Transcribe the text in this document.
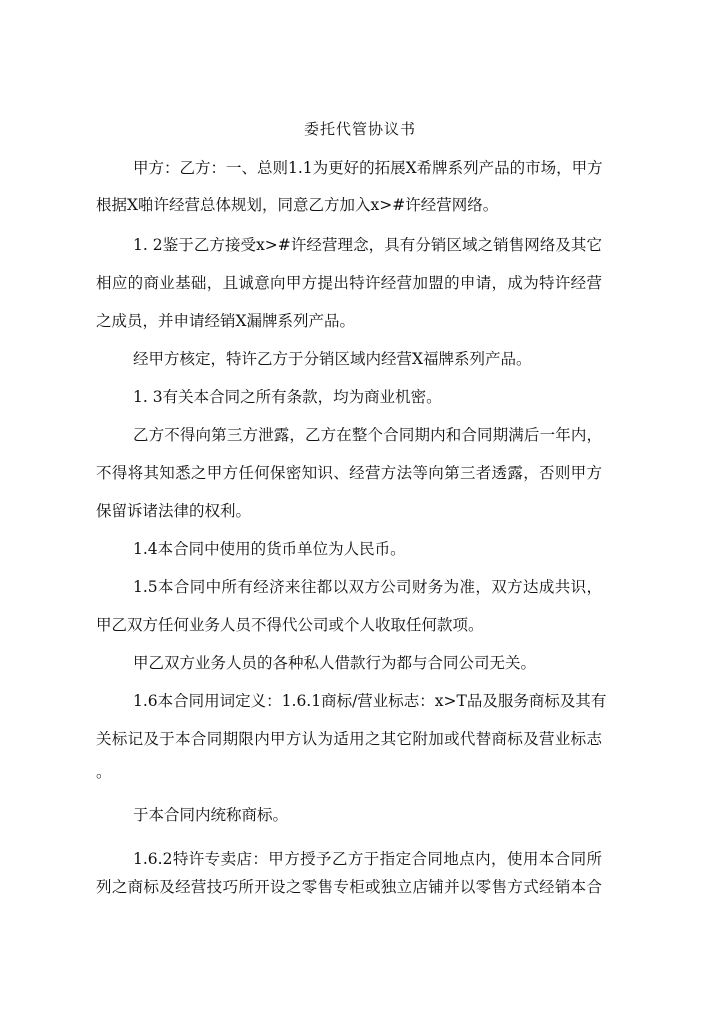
委托代管协议书
甲方：乙方：一、总则1.1为更好的拓展X希牌系列产品的市场，甲方
根据X啪许经营总体规划，同意乙方加入x>#许经营网络。
1. 2鉴于乙方接受x>#许经营理念，具有分销区域之销售网络及其它
相应的商业基础，且诚意向甲方提出特许经营加盟的申请，成为特许经营
之成员，并申请经销X漏牌系列产品。
经甲方核定，特许乙方于分销区域内经营X福牌系列产品。
1. 3有关本合同之所有条款，均为商业机密。
乙方不得向第三方泄露，乙方在整个合同期内和合同期满后一年内，
不得将其知悉之甲方任何保密知识、经营方法等向第三者透露，否则甲方
保留诉诸法律的权利。
1.4本合同中使用的货币单位为人民币。
1.5本合同中所有经济来往都以双方公司财务为准，双方达成共识，
甲乙双方任何业务人员不得代公司或个人收取任何款项。
甲乙双方业务人员的各种私人借款行为都与合同公司无关。
1.6本合同用词定义：1.6.1商标/营业标志：x>T品及服务商标及其有
关标记及于本合同期限内甲方认为适用之其它附加或代替商标及营业标志
。
于本合同内统称商标。
1.6.2特许专卖店：甲方授予乙方于指定合同地点内，使用本合同所
列之商标及经营技巧所开设之零售专柜或独立店铺并以零售方式经销本合
